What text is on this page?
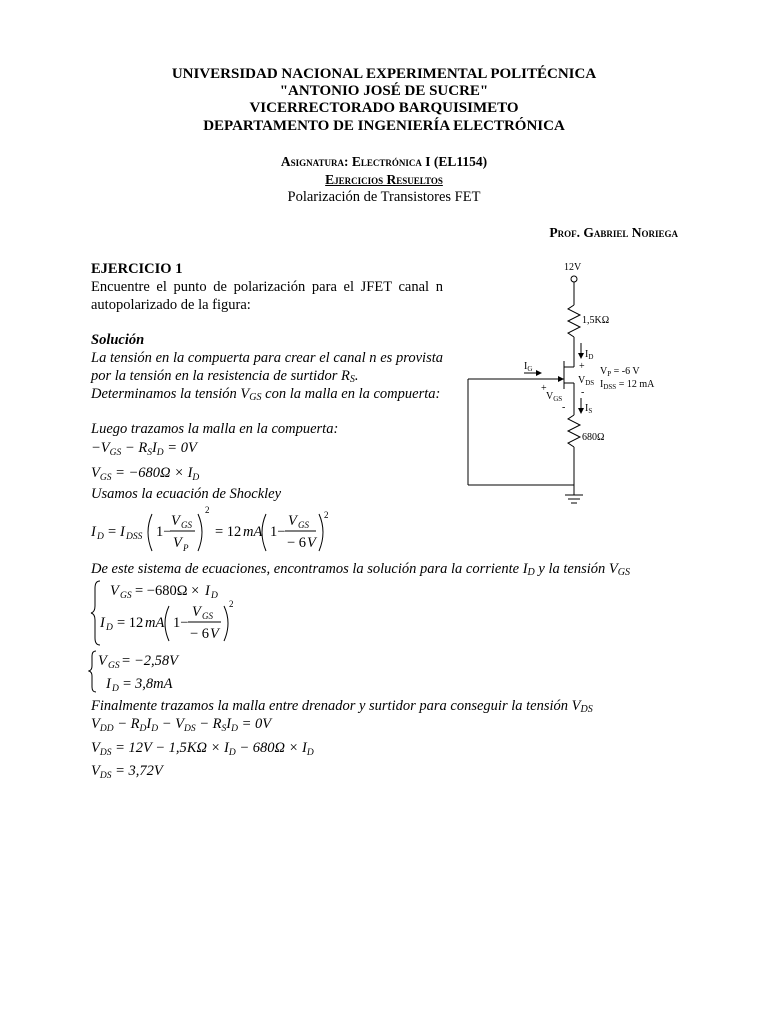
UNIVERSIDAD NACIONAL EXPERIMENTAL POLITÉCNICA
"ANTONIO JOSÉ DE SUCRE"
VICERRECTORADO BARQUISIMETO
DEPARTAMENTO DE INGENIERÍA ELECTRÓNICA
Asignatura: Electrónica I (EL1154)
Ejercicios Resueltos
Polarización de Transistores FET
Prof. Gabriel Noriega
EJERCICIO 1
Encuentre el punto de polarización para el JFET canal n autopolarizado de la figura:
Solución
La tensión en la compuerta para crear el canal n es provista por la tensión en la resistencia de surtidor RS.
Determinamos la tensión VGS con la malla en la compuerta:
Luego trazamos la malla en la compuerta:
$-V_{GS} - R_SI_D = 0V$
$V_{GS} = -680\Omega \times I_D$
Usamos la ecuación de Shockley
I D = I DSS 1−
V GS
V P
2
= 12 mA 1−
V GS
− 6 V
2
De este sistema de ecuaciones, encontramos la solución para la corriente ID y la tensión VGS
V GS = −680Ω × I D
I D = 12 mA 1−
V GS
− 6 V
2
V GS = −2,58V
I D = 3,8mA
Finalmente trazamos la malla entre drenador y surtidor para conseguir la tensión VDS
$V_{DD} - R_DI_D - V_{DS} - R_SI_D = 0V$
$V_{DS} = 12V - 1,5K\Omega \times I_D - 680\Omega \times I_D$
$V_{DS} = 3,72V$
12V
1,5KΩ
680Ω
$I_D$
$I_S$
$I_G$	+
$V_{DS}$
-
+
$V_{GS}$
-
$V_P = -6$ V
$I_{DSS} = 12$ mA
